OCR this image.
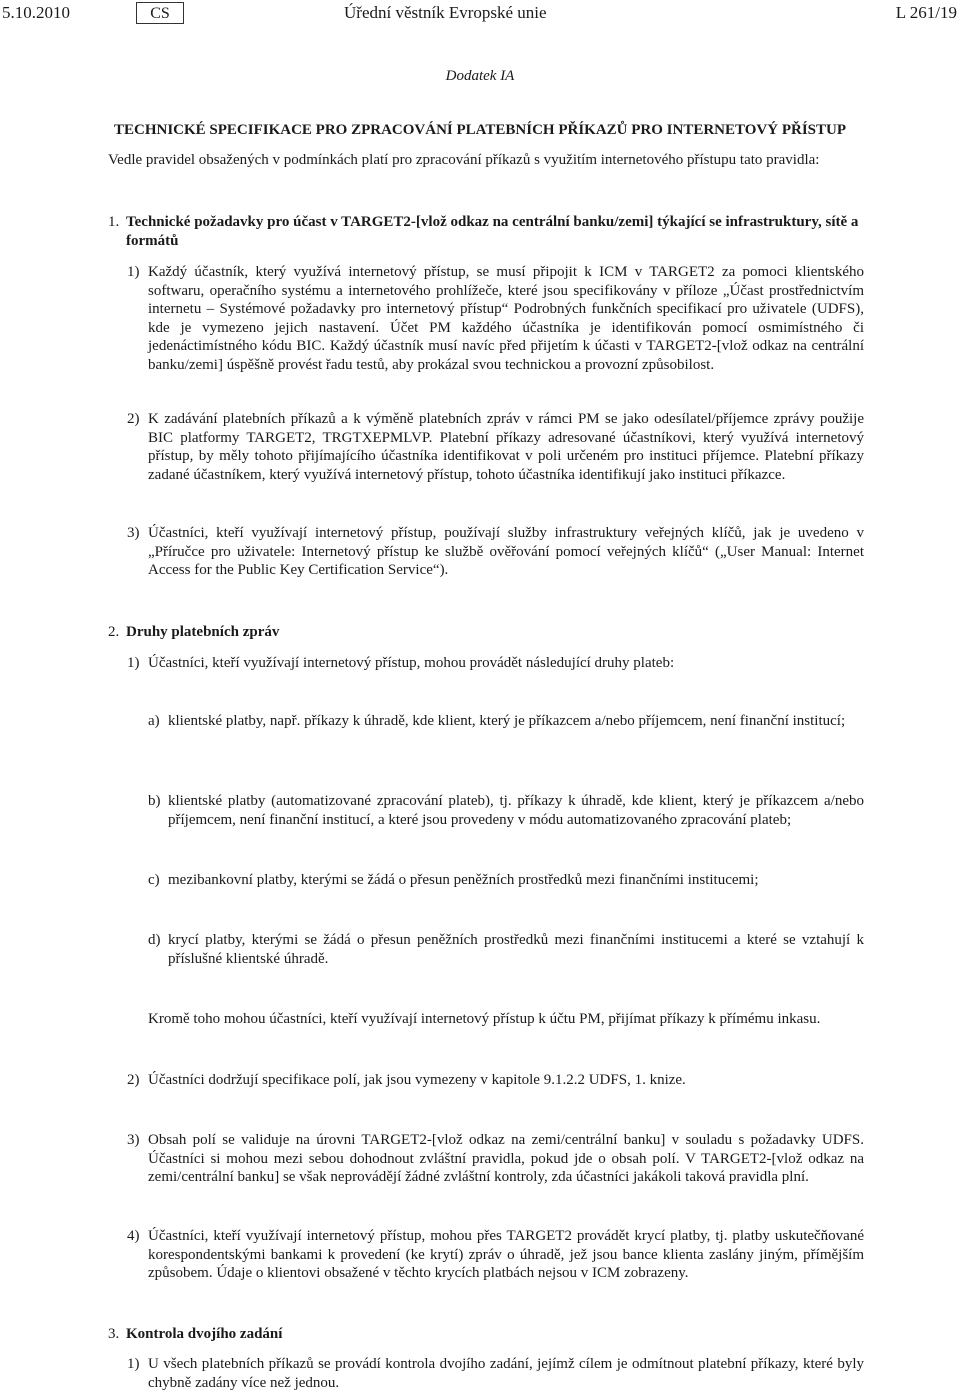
5.10.2010	CS	Úřední věstník Evropské unie	L 261/19
Dodatek IA
TECHNICKÉ SPECIFIKACE PRO ZPRACOVÁNÍ PLATEBNÍCH PŘÍKAZŮ PRO INTERNETOVÝ PŘÍSTUP
Vedle pravidel obsažených v podmínkách platí pro zpracování příkazů s využitím internetového přístupu tato pravidla:
1. Technické požadavky pro účast v TARGET2-[vlož odkaz na centrální banku/zemi] týkající se infrastruktury, sítě a formátů
1) Každý účastník, který využívá internetový přístup, se musí připojit k ICM v TARGET2 za pomoci klientského softwaru, operačního systému a internetového prohlížeče, které jsou specifikovány v příloze „Účast prostřednictvím internetu – Systémové požadavky pro internetový přístup“ Podrobných funkčních specifikací pro uživatele (UDFS), kde je vymezeno jejich nastavení. Účet PM každého účastníka je identifikován pomocí osmimístného či jedenáctimístného kódu BIC. Každý účastník musí navíc před přijetím k účasti v TARGET2-[vlož odkaz na centrální banku/zemi] úspěšně provést řadu testů, aby prokázal svou technickou a provozní způsobilost.
2) K zadávání platebních příkazů a k výměně platebních zpráv v rámci PM se jako odesílatel/příjemce zprávy použije BIC platformy TARGET2, TRGTXEPMLVP. Platební příkazy adresované účastníkovi, který využívá internetový přístup, by měly tohoto přijímajícího účastníka identifikovat v poli určeném pro instituci příjemce. Platební příkazy zadané účastníkem, který využívá internetový přístup, tohoto účastníka identifikují jako instituci příkazce.
3) Účastníci, kteří využívají internetový přístup, používají služby infrastruktury veřejných klíčů, jak je uvedeno v „Příručce pro uživatele: Internetový přístup ke službě ověřování pomocí veřejných klíčů“ („User Manual: Internet Access for the Public Key Certification Service“).
2. Druhy platebních zpráv
1) Účastníci, kteří využívají internetový přístup, mohou provádět následující druhy plateb:
a) klientské platby, např. příkazy k úhradě, kde klient, který je příkazcem a/nebo příjemcem, není finanční institucí;
b) klientské platby (automatizované zpracování plateb), tj. příkazy k úhradě, kde klient, který je příkazcem a/nebo příjemcem, není finanční institucí, a které jsou provedeny v módu automatizovaného zpracování plateb;
c) mezibankovní platby, kterými se žádá o přesun peněžních prostředků mezi finančními institucemi;
d) krycí platby, kterými se žádá o přesun peněžních prostředků mezi finančními institucemi a které se vztahují k příslušné klientské úhradě.
Kromě toho mohou účastníci, kteří využívají internetový přístup k účtu PM, přijímat příkazy k přímému inkasu.
2) Účastníci dodržují specifikace polí, jak jsou vymezeny v kapitole 9.1.2.2 UDFS, 1. knize.
3) Obsah polí se validuje na úrovni TARGET2-[vlož odkaz na zemi/centrální banku] v souladu s požadavky UDFS. Účastníci si mohou mezi sebou dohodnout zvláštní pravidla, pokud jde o obsah polí. V TARGET2-[vlož odkaz na zemi/centrální banku] se však neprovádějí žádné zvláštní kontroly, zda účastníci jakákoli taková pravidla plní.
4) Účastníci, kteří využívají internetový přístup, mohou přes TARGET2 provádět krycí platby, tj. platby uskutečňované korespondentskými bankami k provedení (ke krytí) zpráv o úhradě, jež jsou bance klienta zaslány jiným, přímějším způsobem. Údaje o klientovi obsažené v těchto krycích platbách nejsou v ICM zobrazeny.
3. Kontrola dvojího zadání
1) U všech platebních příkazů se provádí kontrola dvojího zadání, jejímž cílem je odmítnout platební příkazy, které byly chybně zadány více než jednou.
